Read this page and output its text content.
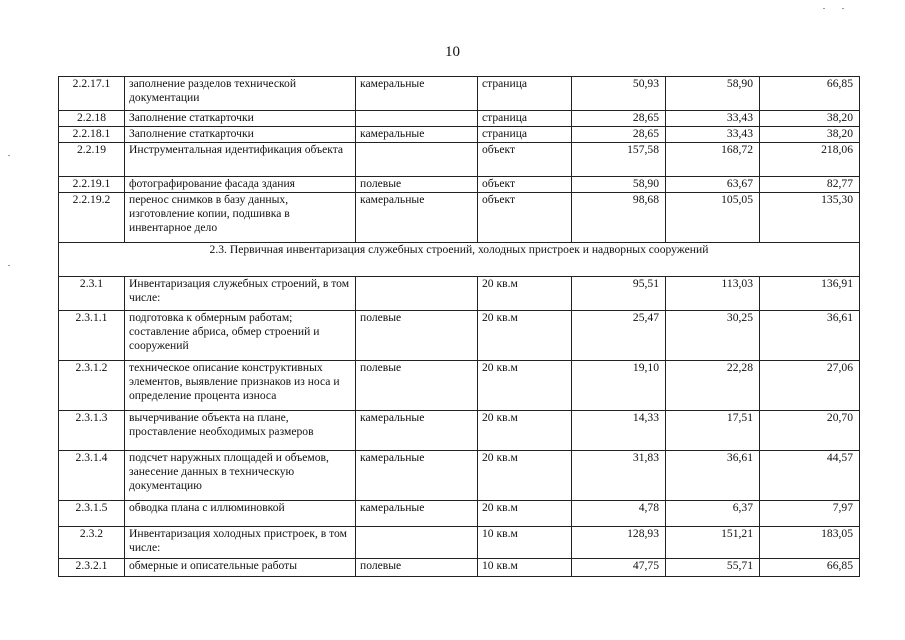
10
2.2.17.1	заполнение разделов технической документации	камеральные	страница	50,93	58,90	66,85
2.2.18	Заполнение статкарточки		страница	28,65	33,43	38,20
2.2.18.1	Заполнение статкарточки	камеральные	страница	28,65	33,43	38,20
2.2.19	Инструментальная идентификация объекта		объект	157,58	168,72	218,06
2.2.19.1	фотографирование фасада здания	полевые	объект	58,90	63,67	82,77
2.2.19.2	перенос снимков в базу данных, изготовление копии, подшивка в инвентарное дело	камеральные	объект	98,68	105,05	135,30
2.3. Первичная инвентаризация служебных строений, холодных пристроек и надворных сооружений						
2.3.1	Инвентаризация служебных строений, в том числе:		20 кв.м	95,51	113,03	136,91
2.3.1.1	подготовка к обмерным работам; составление абриса, обмер строений и сооружений	полевые	20 кв.м	25,47	30,25	36,61
2.3.1.2	техническое описание конструктивных элементов, выявление признаков из носа и определение процента износа	полевые	20 кв.м	19,10	22,28	27,06
2.3.1.3	вычерчивание объекта на плане, проставление необходимых размеров	камеральные	20 кв.м	14,33	17,51	20,70
2.3.1.4	подсчет наружных площадей и объемов, занесение данных в техническую документацию	камеральные	20 кв.м	31,83	36,61	44,57
2.3.1.5	обводка плана с иллюминовкой	камеральные	20 кв.м	4,78	6,37	7,97
2.3.2	Инвентаризация холодных пристроек, в том числе:		10 кв.м	128,93	151,21	183,05
2.3.2.1	обмерные и описательные работы	полевые	10 кв.м	47,75	55,71	66,85
